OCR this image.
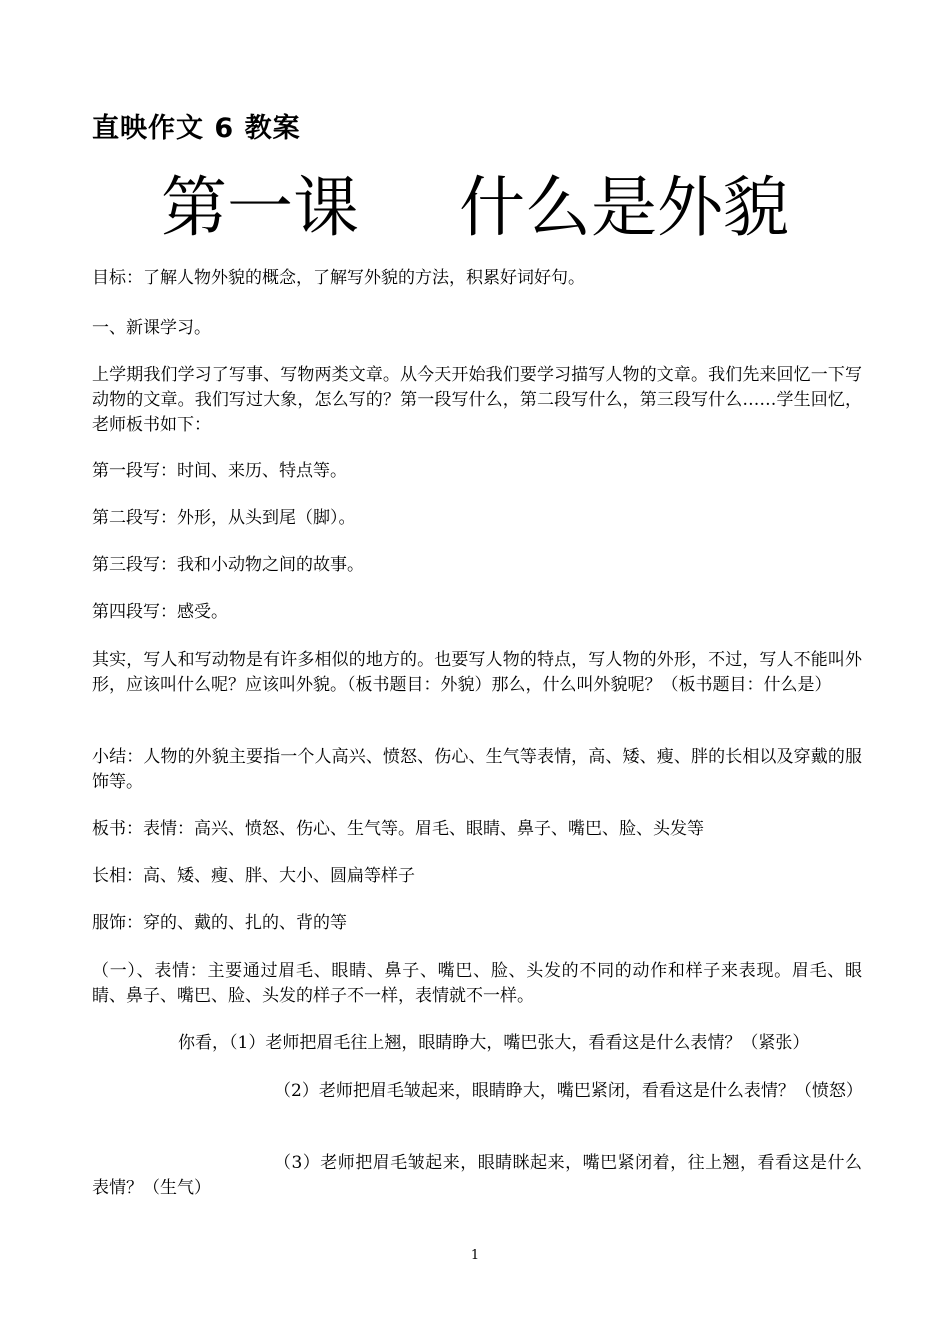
直映作文 6 教案
第一课 什么是外貌
目标：了解人物外貌的概念，了解写外貌的方法，积累好词好句。
一、新课学习。
上学期我们学习了写事、写物两类文章。从今天开始我们要学习描写人物的文章。我们先来回忆一下写动物的文章。我们写过大象，怎么写的？第一段写什么，第二段写什么，第三段写什么……学生回忆，老师板书如下：
第一段写：时间、来历、特点等。
第二段写：外形，从头到尾（脚）。
第三段写：我和小动物之间的故事。
第四段写：感受。
其实，写人和写动物是有许多相似的地方的。也要写人物的特点，写人物的外形，不过，写人不能叫外形，应该叫什么呢？应该叫外貌。（板书题目：外貌）那么，什么叫外貌呢？（板书题目：什么是）
小结：人物的外貌主要指一个人高兴、愤怒、伤心、生气等表情，高、矮、瘦、胖的长相以及穿戴的服饰等。
板书：表情：高兴、愤怒、伤心、生气等。眉毛、眼睛、鼻子、嘴巴、脸、头发等
长相：高、矮、瘦、胖、大小、圆扁等样子
服饰：穿的、戴的、扎的、背的等
（一）、表情：主要通过眉毛、眼睛、鼻子、嘴巴、脸、头发的不同的动作和样子来表现。眉毛、眼睛、鼻子、嘴巴、脸、头发的样子不一样，表情就不一样。
你看，（1）老师把眉毛往上翘，眼睛睁大，嘴巴张大，看看这是什么表情？（紧张）
（2）老师把眉毛皱起来，眼睛睁大，嘴巴紧闭，看看这是什么表情？（愤怒）
（3）老师把眉毛皱起来，眼睛眯起来，嘴巴紧闭着，往上翘，看看这是什么表情？（生气）
1
